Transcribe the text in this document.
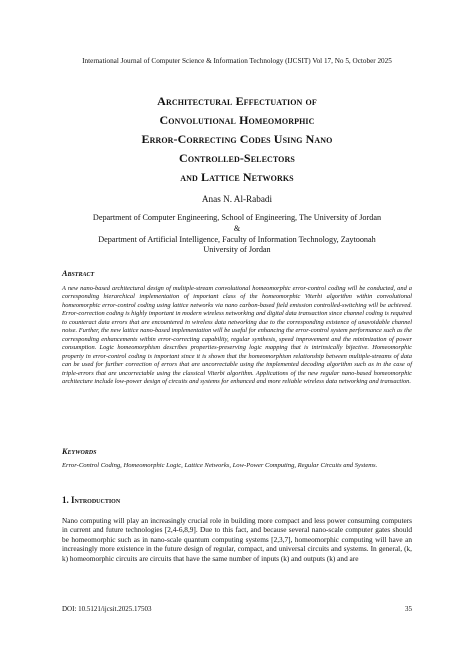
International Journal of Computer Science & Information Technology (IJCSIT) Vol 17, No 5, October 2025
Architectural Effectuation of
Convolutional Homeomorphic
Error-Correcting Codes Using Nano
Controlled-Selectors
and Lattice Networks
Anas N. Al-Rabadi
Department of Computer Engineering, School of Engineering, The University of Jordan
&
Department of Artificial Intelligence, Faculty of Information Technology, Zaytoonah
University of Jordan
Abstract
A new nano-based architectural design of multiple-stream convolutional homeomorphic error-control coding will be conducted, and a corresponding hierarchical implementation of important class of the homeomorphic Viterbi algorithm within convolutional homeomorphic error-control coding using lattice networks via nano carbon-based field emission controlled-switching will be achieved. Error-correction coding is highly important in modern wireless networking and digital data transaction since channel coding is required to counteract data errors that are encountered in wireless data networking due to the corresponding existence of unavoidable channel noise. Further, the new lattice nano-based implementation will be useful for enhancing the error-control system performance such as the corresponding enhancements within error-correcting capability, regular synthesis, speed improvement and the minimization of power consumption. Logic homeomorphism describes properties-preserving logic mapping that is intrinsically bijective. Homeomorphic property in error-control coding is important since it is shown that the homeomorphism relationship between multiple-streams of data can be used for further correction of errors that are uncorrectable using the implemented decoding algorithm such as in the case of triple-errors that are uncorrectable using the classical Viterbi algorithm. Applications of the new regular nano-based homeomorphic architecture include low-power design of circuits and systems for enhanced and more reliable wireless data networking and transaction.
Keywords
Error-Control Coding, Homeomorphic Logic, Lattice Networks, Low-Power Computing, Regular Circuits and Systems.
1. Introduction
Nano computing will play an increasingly crucial role in building more compact and less power consuming computers in current and future technologies [2,4-6,8,9]. Due to this fact, and because several nano-scale computer gates should be homeomorphic such as in nano-scale quantum computing systems [2,3,7], homeomorphic computing will have an increasingly more existence in the future design of regular, compact, and universal circuits and systems. In general, (k, k) homeomorphic circuits are circuits that have the same number of inputs (k) and outputs (k) and are
DOI: 10.5121/ijcsit.2025.17503	35
